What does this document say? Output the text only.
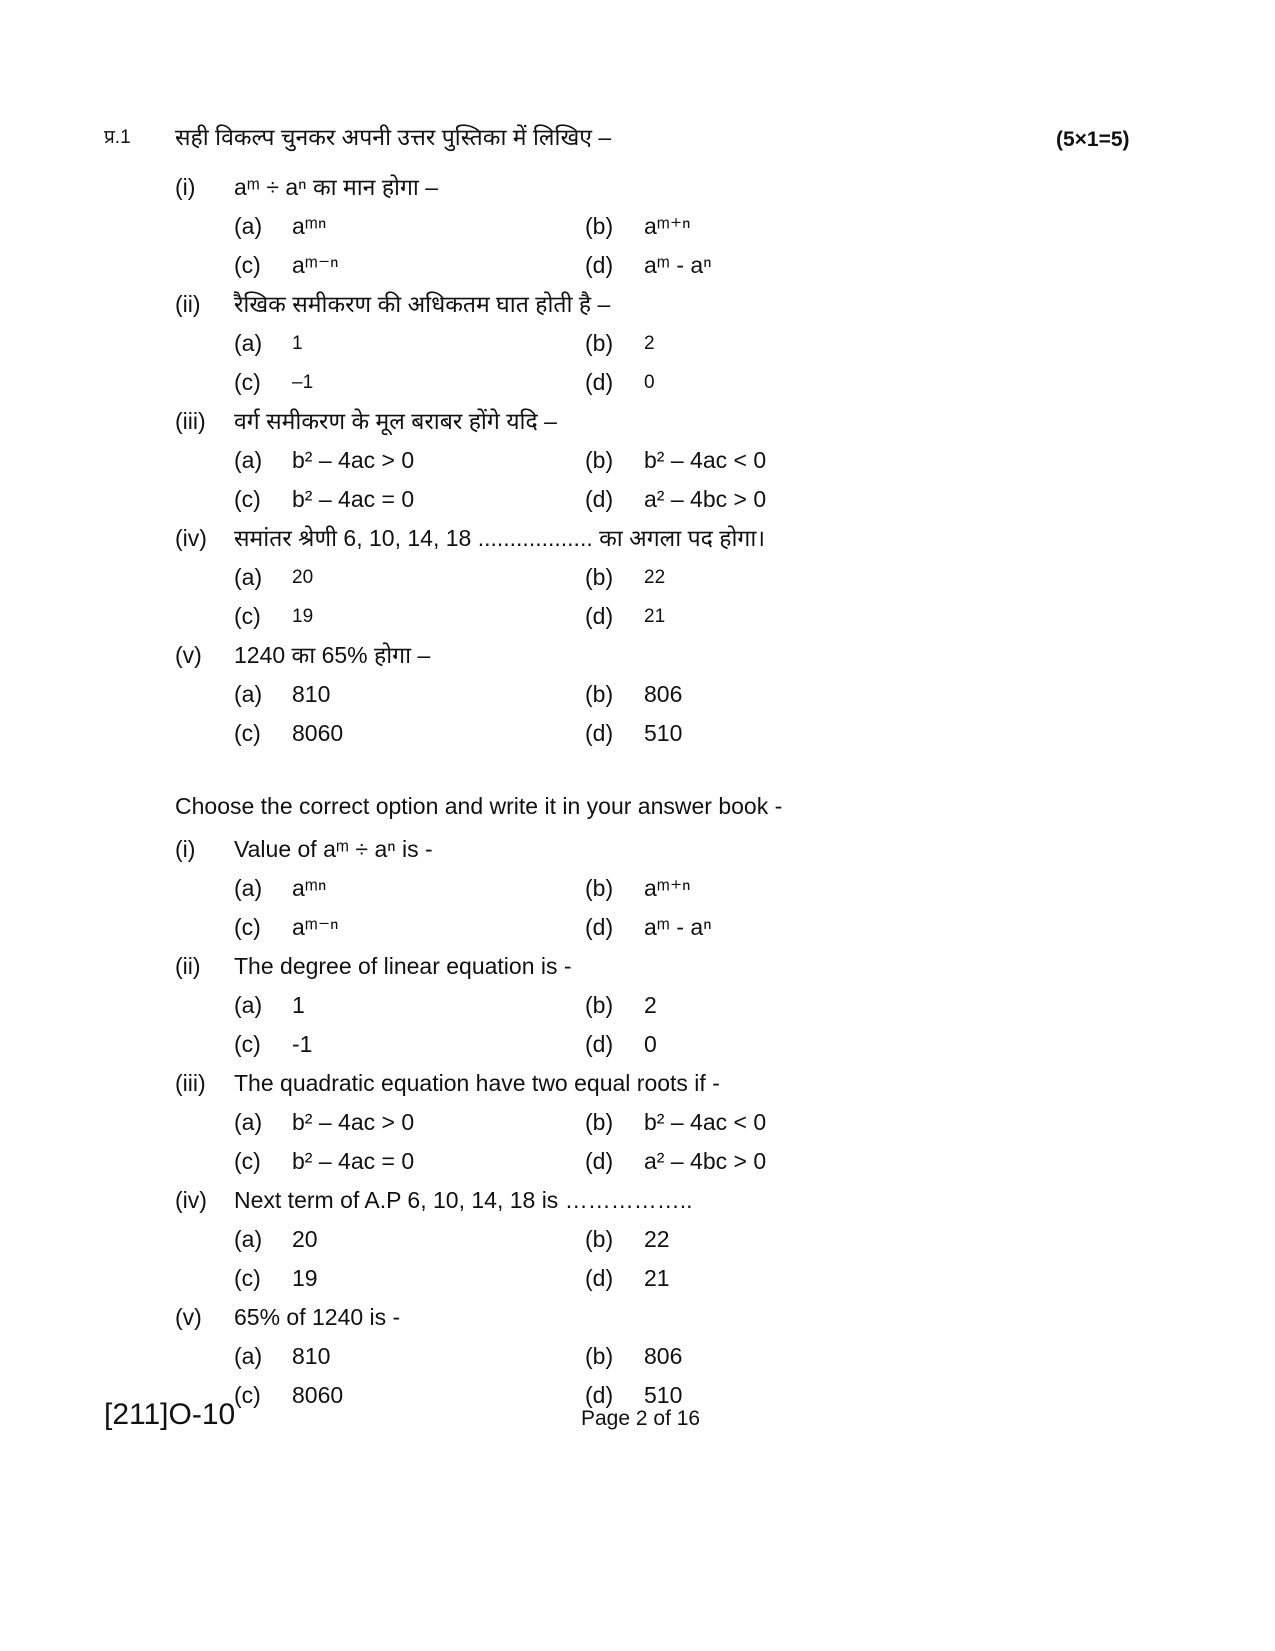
प्र.1 सही विकल्प चुनकर अपनी उत्तर पुस्तिका में लिखिए –	(5×1=5)
(i)	aᵐ ÷ aⁿ का मान होगा –
(a) aᵐⁿ	(b) aᵐ⁺ⁿ
(c) aᵐ⁻ⁿ	(d) aᵐ - aⁿ
(ii)	रैखिक समीकरण की अधिकतम घात होती है –
(a) 1	(b) 2
(c) –1	(d) 0
(iii)	वर्ग समीकरण के मूल बराबर होंगे यदि –
(a) b² – 4ac > 0	(b) b² – 4ac < 0
(c) b² – 4ac = 0	(d) a² – 4bc > 0
(iv)	समांतर श्रेणी 6, 10, 14, 18 .................. का अगला पद होगा।
(a) 20	(b) 22
(c) 19	(d) 21
(v)	1240 का 65% होगा –
(a) 810	(b) 806
(c) 8060	(d) 510
Choose the correct option and write it in your answer book -
(i)	Value of aᵐ ÷ aⁿ is -
(a) aᵐⁿ	(b) aᵐ⁺ⁿ
(c) aᵐ⁻ⁿ	(d) aᵐ - aⁿ
(ii)	The degree of linear equation is -
(a) 1	(b) 2
(c) -1	(d) 0
(iii)	The quadratic equation have two equal roots if -
(a) b² – 4ac > 0	(b) b² – 4ac < 0
(c) b² – 4ac = 0	(d) a² – 4bc > 0
(iv)	Next term of A.P 6, 10, 14, 18 is ……………..
(a) 20	(b) 22
(c) 19	(d) 21
(v)	65% of 1240 is -
(a) 810	(b) 806
(c) 8060	(d) 510
[211]O-10	Page 2 of 16
